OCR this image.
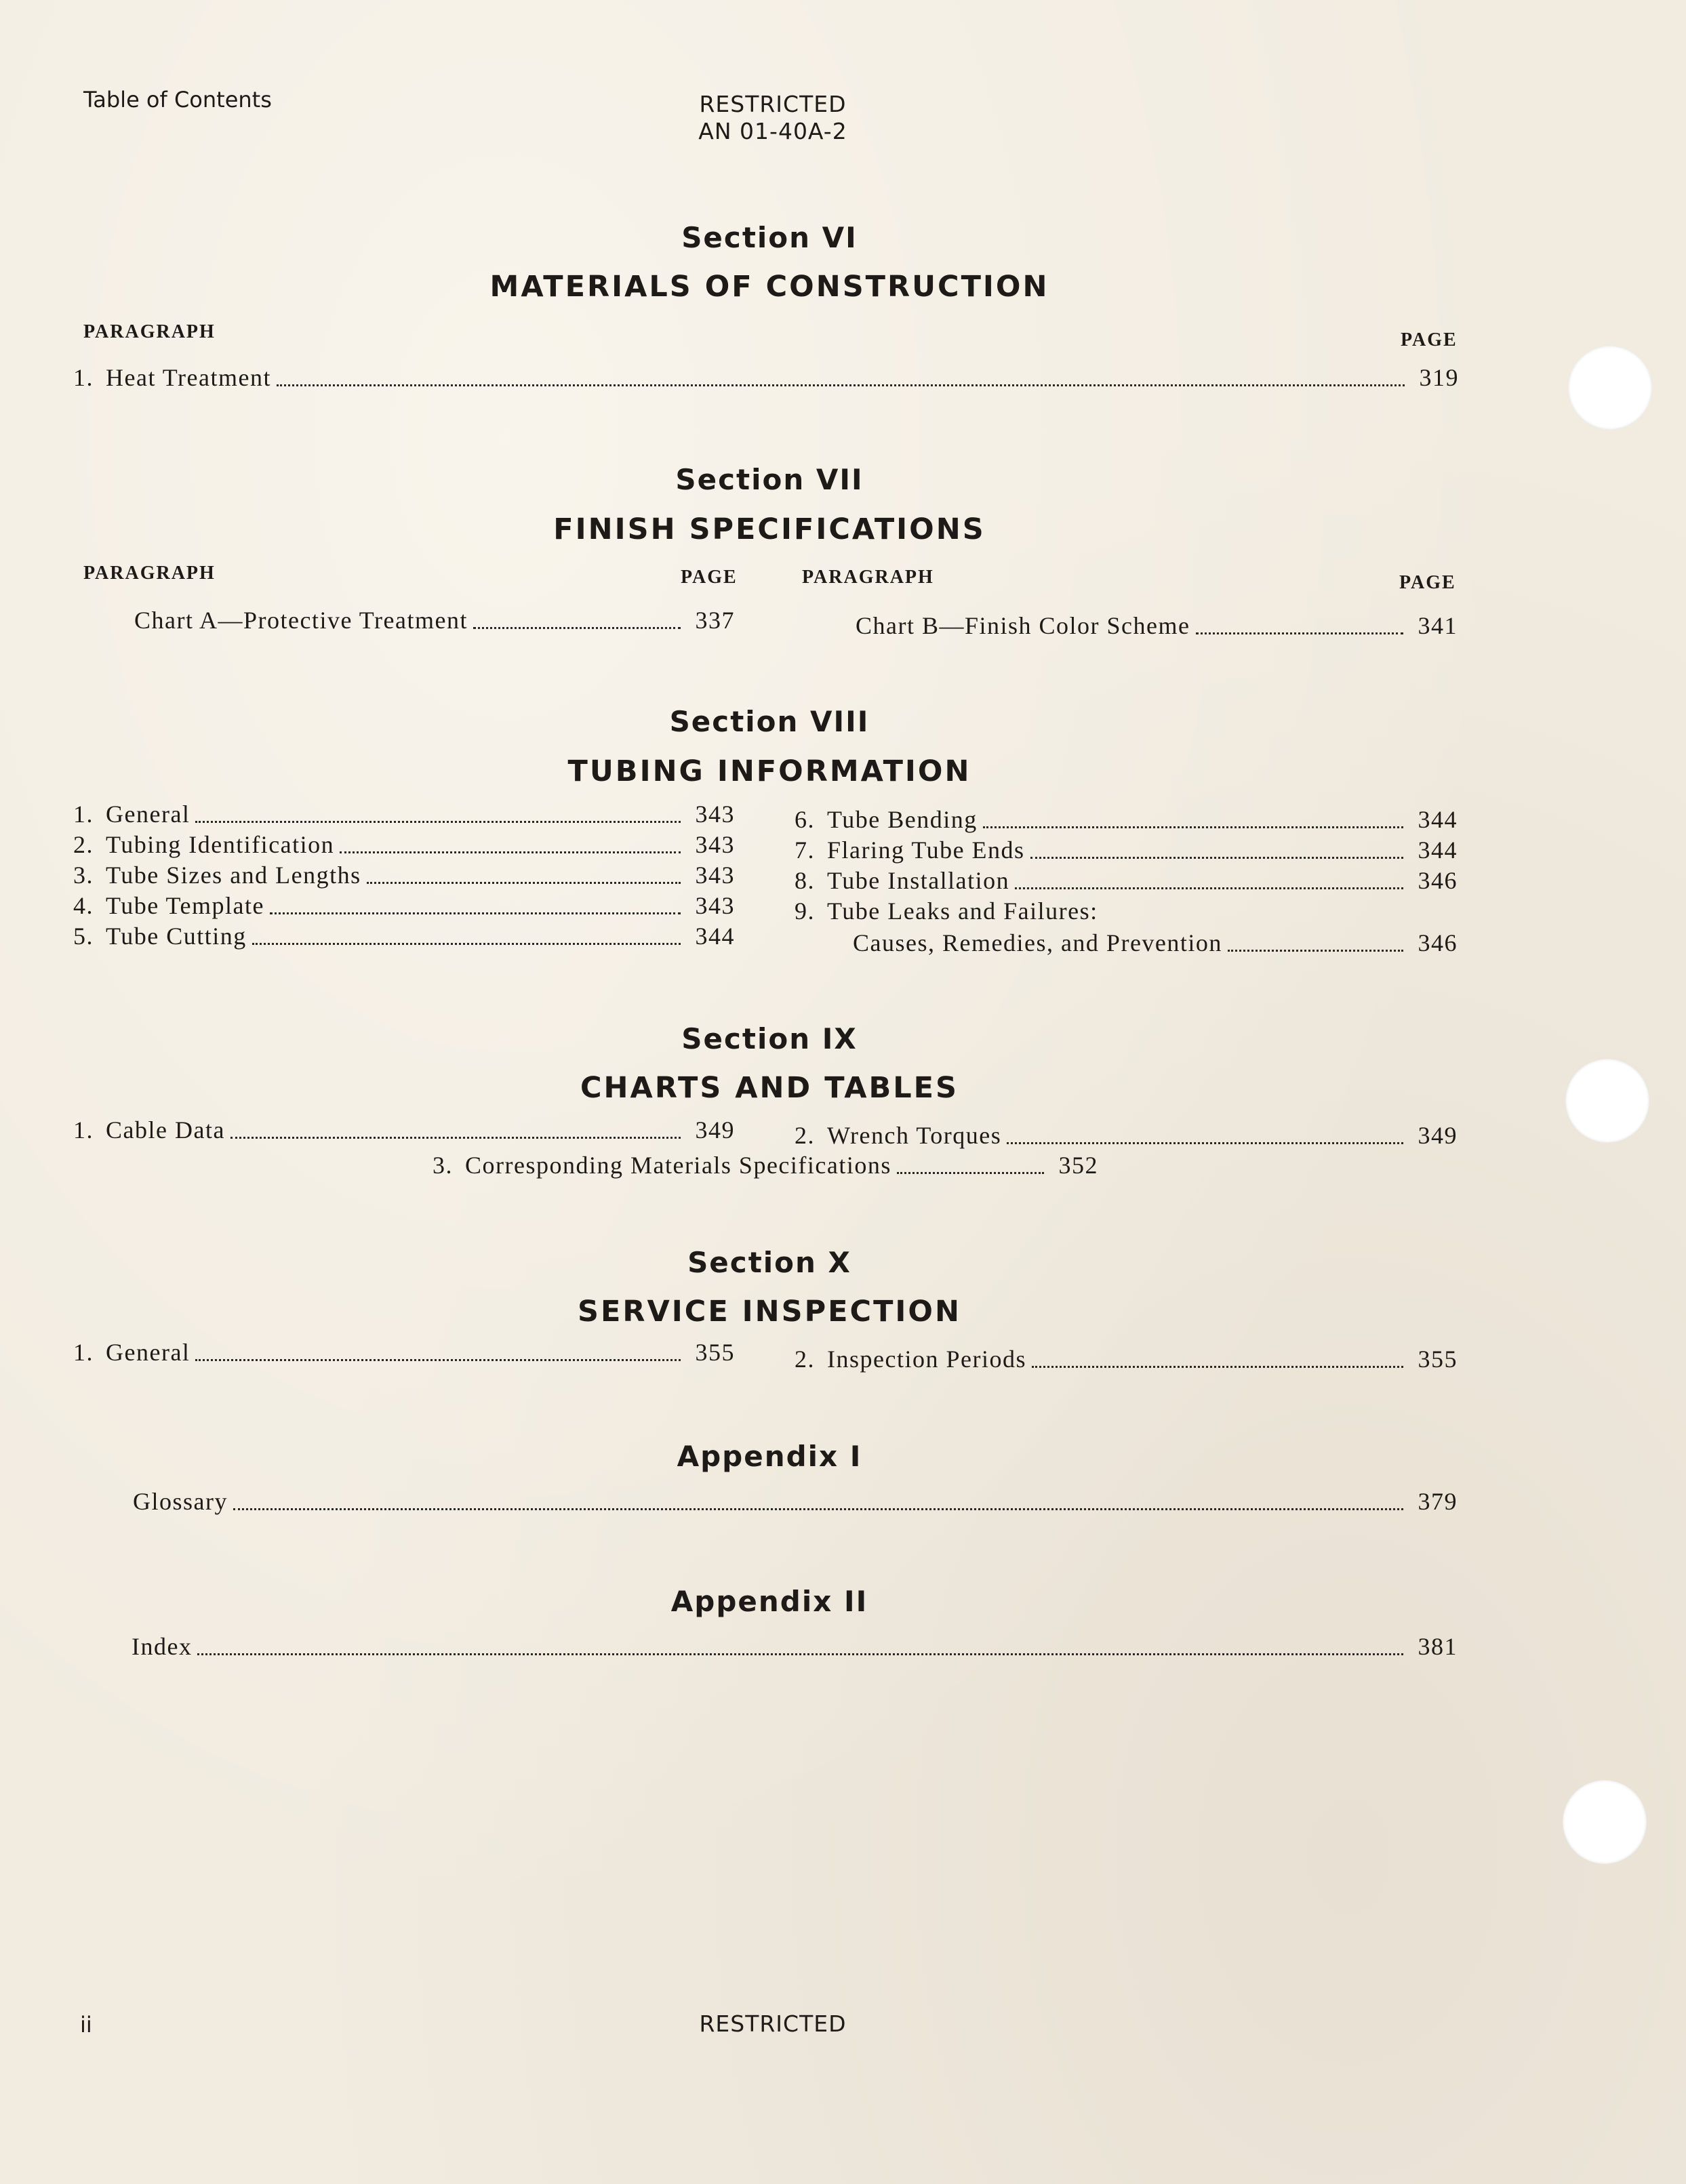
Table of Contents	RESTRICTED
AN 01-40A-2
Section VI
MATERIALS OF CONSTRUCTION
PARAGRAPH	PAGE
1. Heat Treatment	319
Section VII
FINISH SPECIFICATIONS
PARAGRAPH	PAGE	PARAGRAPH	PAGE
Chart A—Protective Treatment	337	Chart B—Finish Color Scheme	341
Section VIII
TUBING INFORMATION
1. General	343
2. Tubing Identification	343
3. Tube Sizes and Lengths	343
4. Tube Template	343
5. Tube Cutting	344
6. Tube Bending	344
7. Flaring Tube Ends	344
8. Tube Installation	346
9. Tube Leaks and Failures:
Causes, Remedies, and Prevention	346
Section IX
CHARTS AND TABLES
1. Cable Data	349	2. Wrench Torques	349
3. Corresponding Materials Specifications	352
Section X
SERVICE INSPECTION
1. General	355	2. Inspection Periods	355
Appendix I
Glossary	379
Appendix II
Index	381
ii	RESTRICTED
